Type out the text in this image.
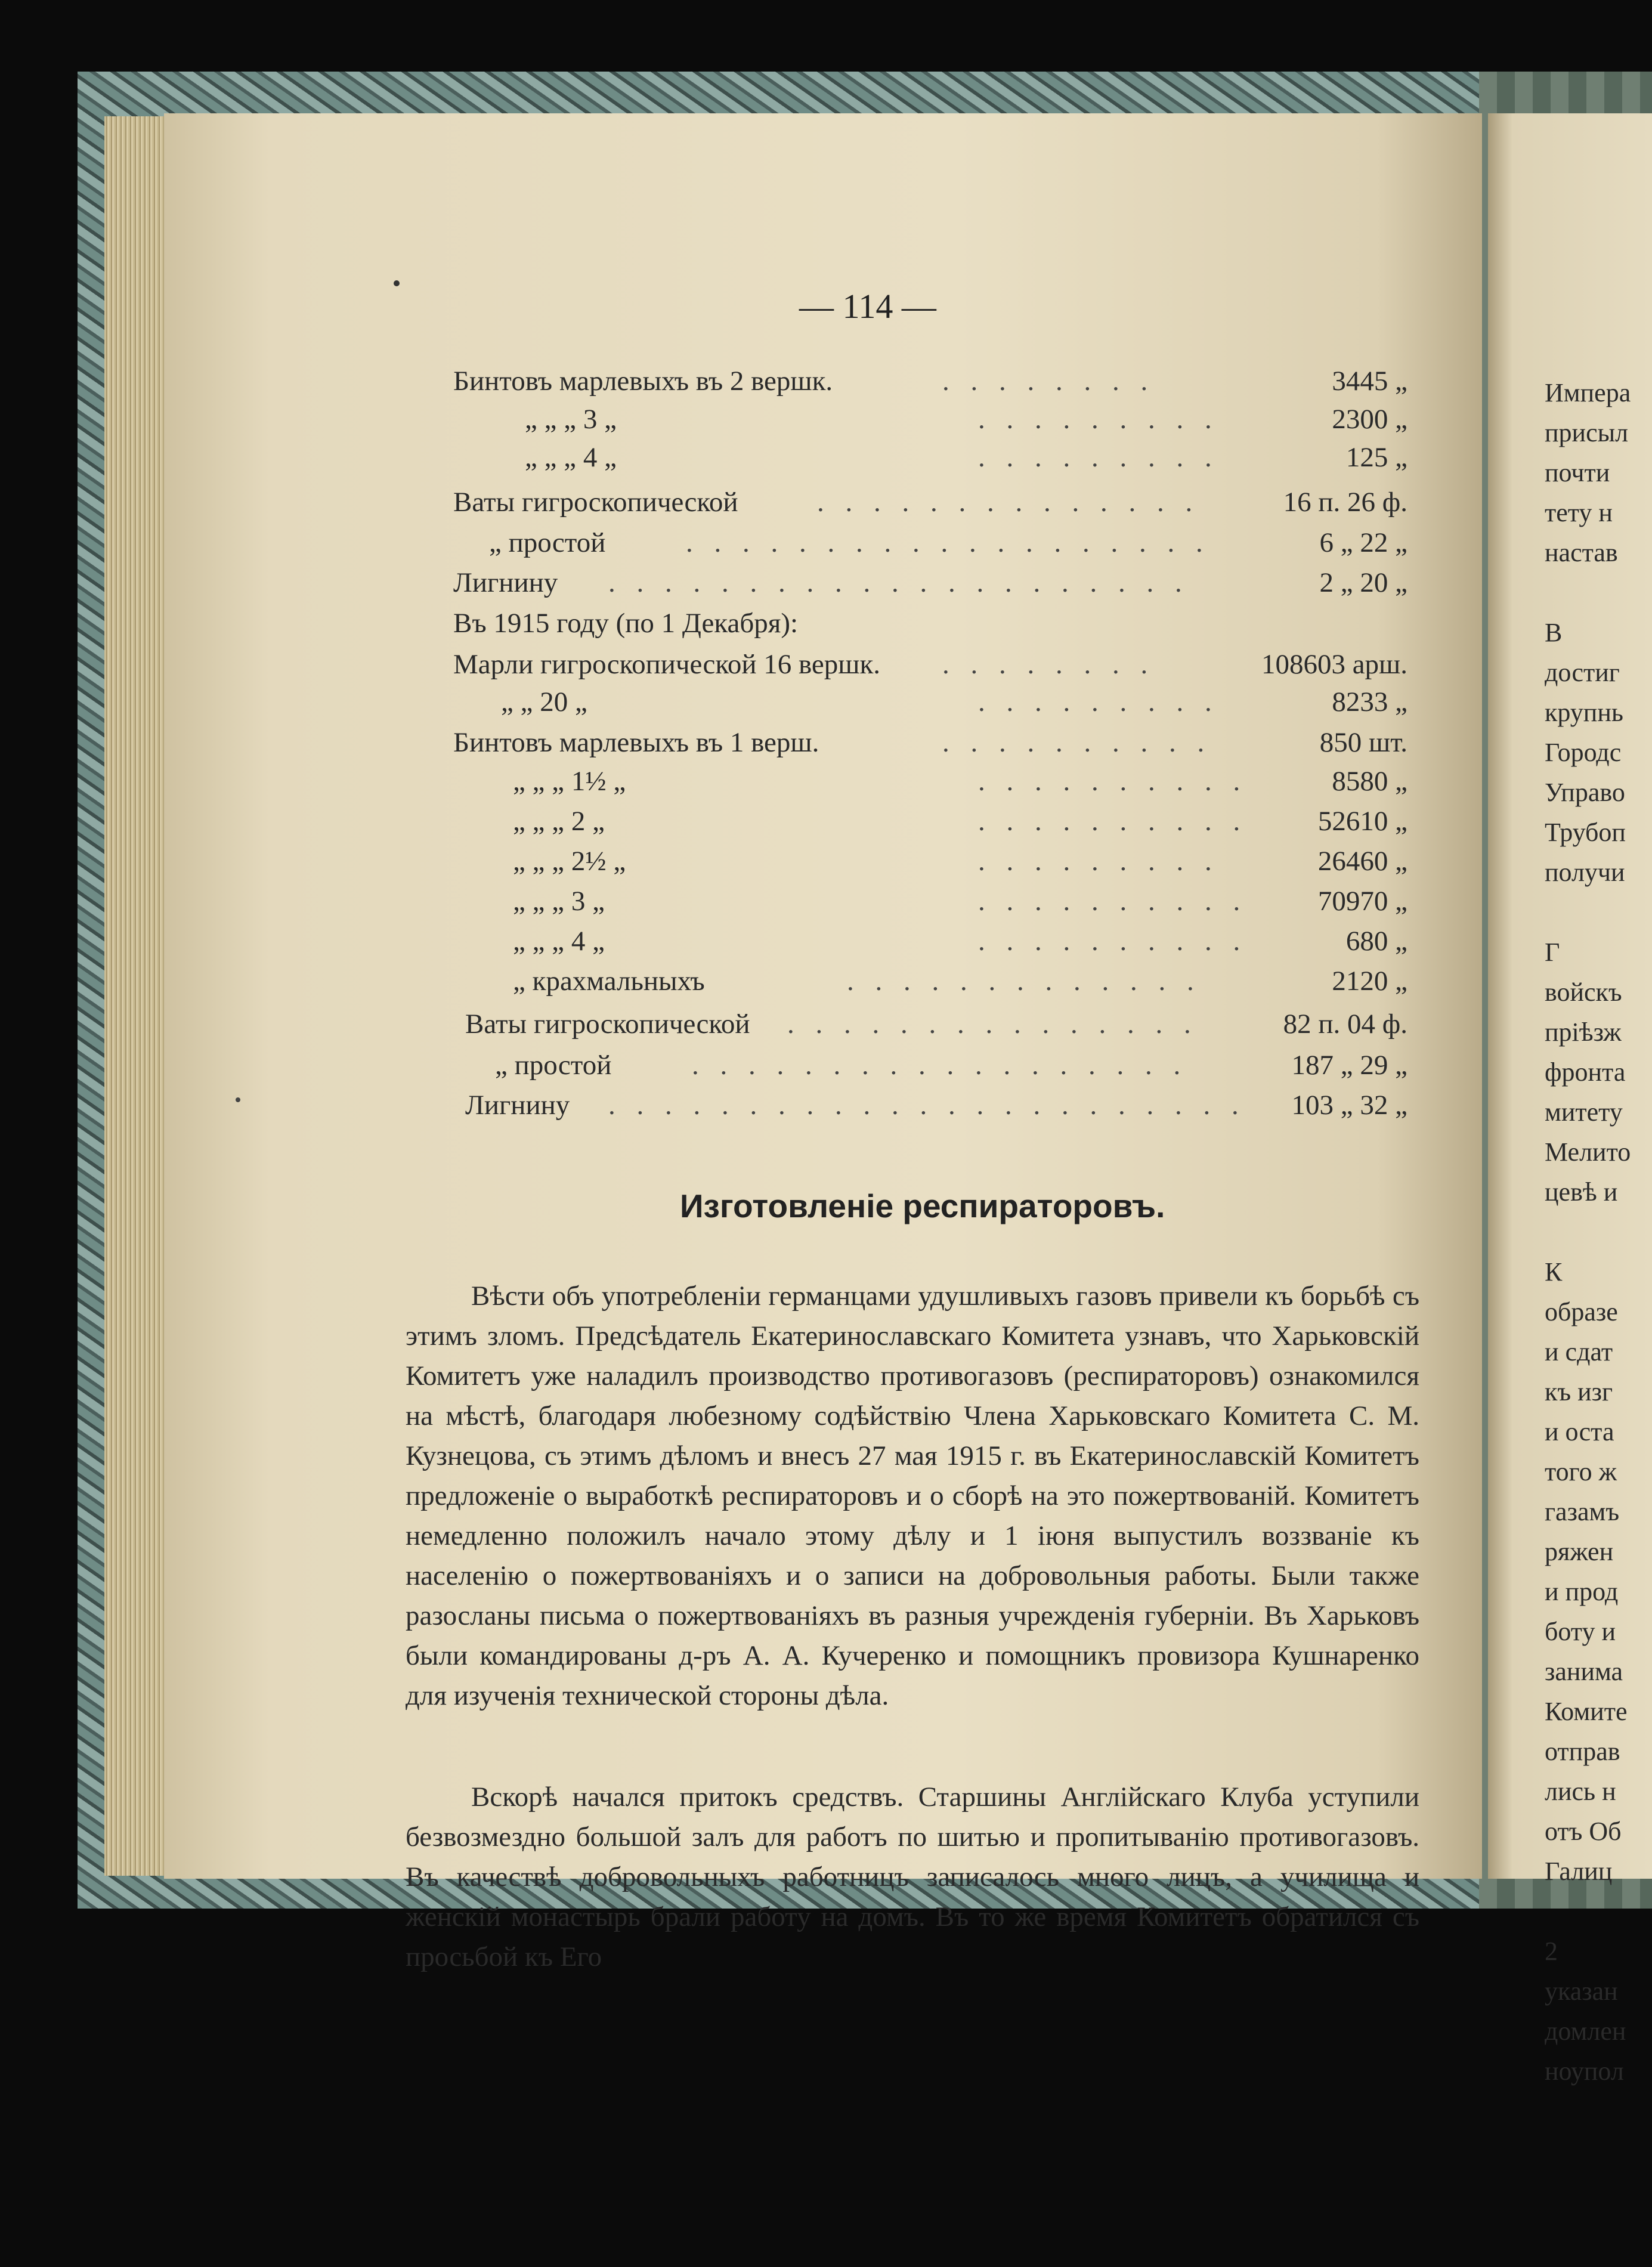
— 114 —
Бинтовъ марлевыхъ въ 2 вершк.	. . . . . . . .	3445 „
„ „ „ 3 „	. . . . . . . . .	2300 „
„ „ „ 4 „	. . . . . . . . .	125 „
Ваты гигроскопической	. . . . . . . . . . . . . .	16 п. 26 ф.
„ простой	. . . . . . . . . . . . . . . . . . .	6 „ 22 „
Лигнину . . . . . . . . . . . . . . . . . . . . .	2 „ 20 „
Въ 1915 году (по 1 Декабря):
Марли гигроскопической 16 вершк. . . . . . . . .	108603 арш.
„ „ 20 „	. . . . . . . . .	8233 „
Бинтовъ марлевыхъ въ 1 верш.	. . . . . . . . . .	850 шт.
„ „ „ 1½ „	. . . . . . . . . .	8580 „
„ „ „ 2 „	. . . . . . . . . .	52610 „
„ „ „ 2½ „	. . . . . . . . .	26460 „
„ „ „ 3 „	. . . . . . . . . .	70970 „
„ „ „ 4 „	. . . . . . . . . .	680 „
„ крахмальныхъ	. . . . . . . . . . . . .	2120 „
Ваты гигроскопической . . . . . . . . . . . . . . .	82 п. 04 ф.
„ простой	. . . . . . . . . . . . . . . . . .	187 „ 29 „
Лигнину . . . . . . . . . . . . . . . . . . . . . . . 103 „ 32 „
Изготовленіе респираторовъ.
Вѣсти объ употребленіи германцами удушливыхъ газовъ привели къ борьбѣ съ этимъ зломъ. Предсѣдатель Екатеринославскаго Комитета узнавъ, что Харьковскій Комитетъ уже наладилъ производство противогазовъ (респираторовъ) ознакомился на мѣстѣ, благодаря любезному содѣйствію Члена Харьковскаго Комитета С. М. Кузнецова, съ этимъ дѣломъ и внесъ 27 мая 1915 г. въ Екатеринославскій Комитетъ предложеніе о выработкѣ респираторовъ и о сборѣ на это пожертвованій. Комитетъ немедленно положилъ начало этому дѣлу и 1 іюня выпустилъ воззваніе къ населенію о пожертвованіяхъ и о записи на добровольныя работы. Были также разосланы письма о пожертвованіяхъ въ разныя учрежденія губерніи. Въ Харьковъ были командированы д-ръ А. А. Кучеренко и помощникъ провизора Кушнаренко для изученія технической стороны дѣла.
Вскорѣ начался притокъ средствъ. Старшины Англійскаго Клуба уступили безвозмездно большой залъ для работъ по шитью и пропитыванію противогазовъ. Въ качествѣ добровольныхъ работницъ записалось много лицъ, а училища и женскій монастырь брали работу на домъ. Въ то же время Комитетъ обратился съ просьбой къ Его
Импера
присыл
почти
тету н
настав
В
достиг
крупнь
Городс
Управо
Трубоп
получи
Г
войскъ
пріѣзж
фронта
митету
Мелито
цевѣ и
К
образе
и сдат
къ изг
и оста
того ж
газамъ
ряжен
и прод
боту и
занима
Комите
отправ
лись н
отъ Об
Галиц
2
указан
домлен
ноупол
